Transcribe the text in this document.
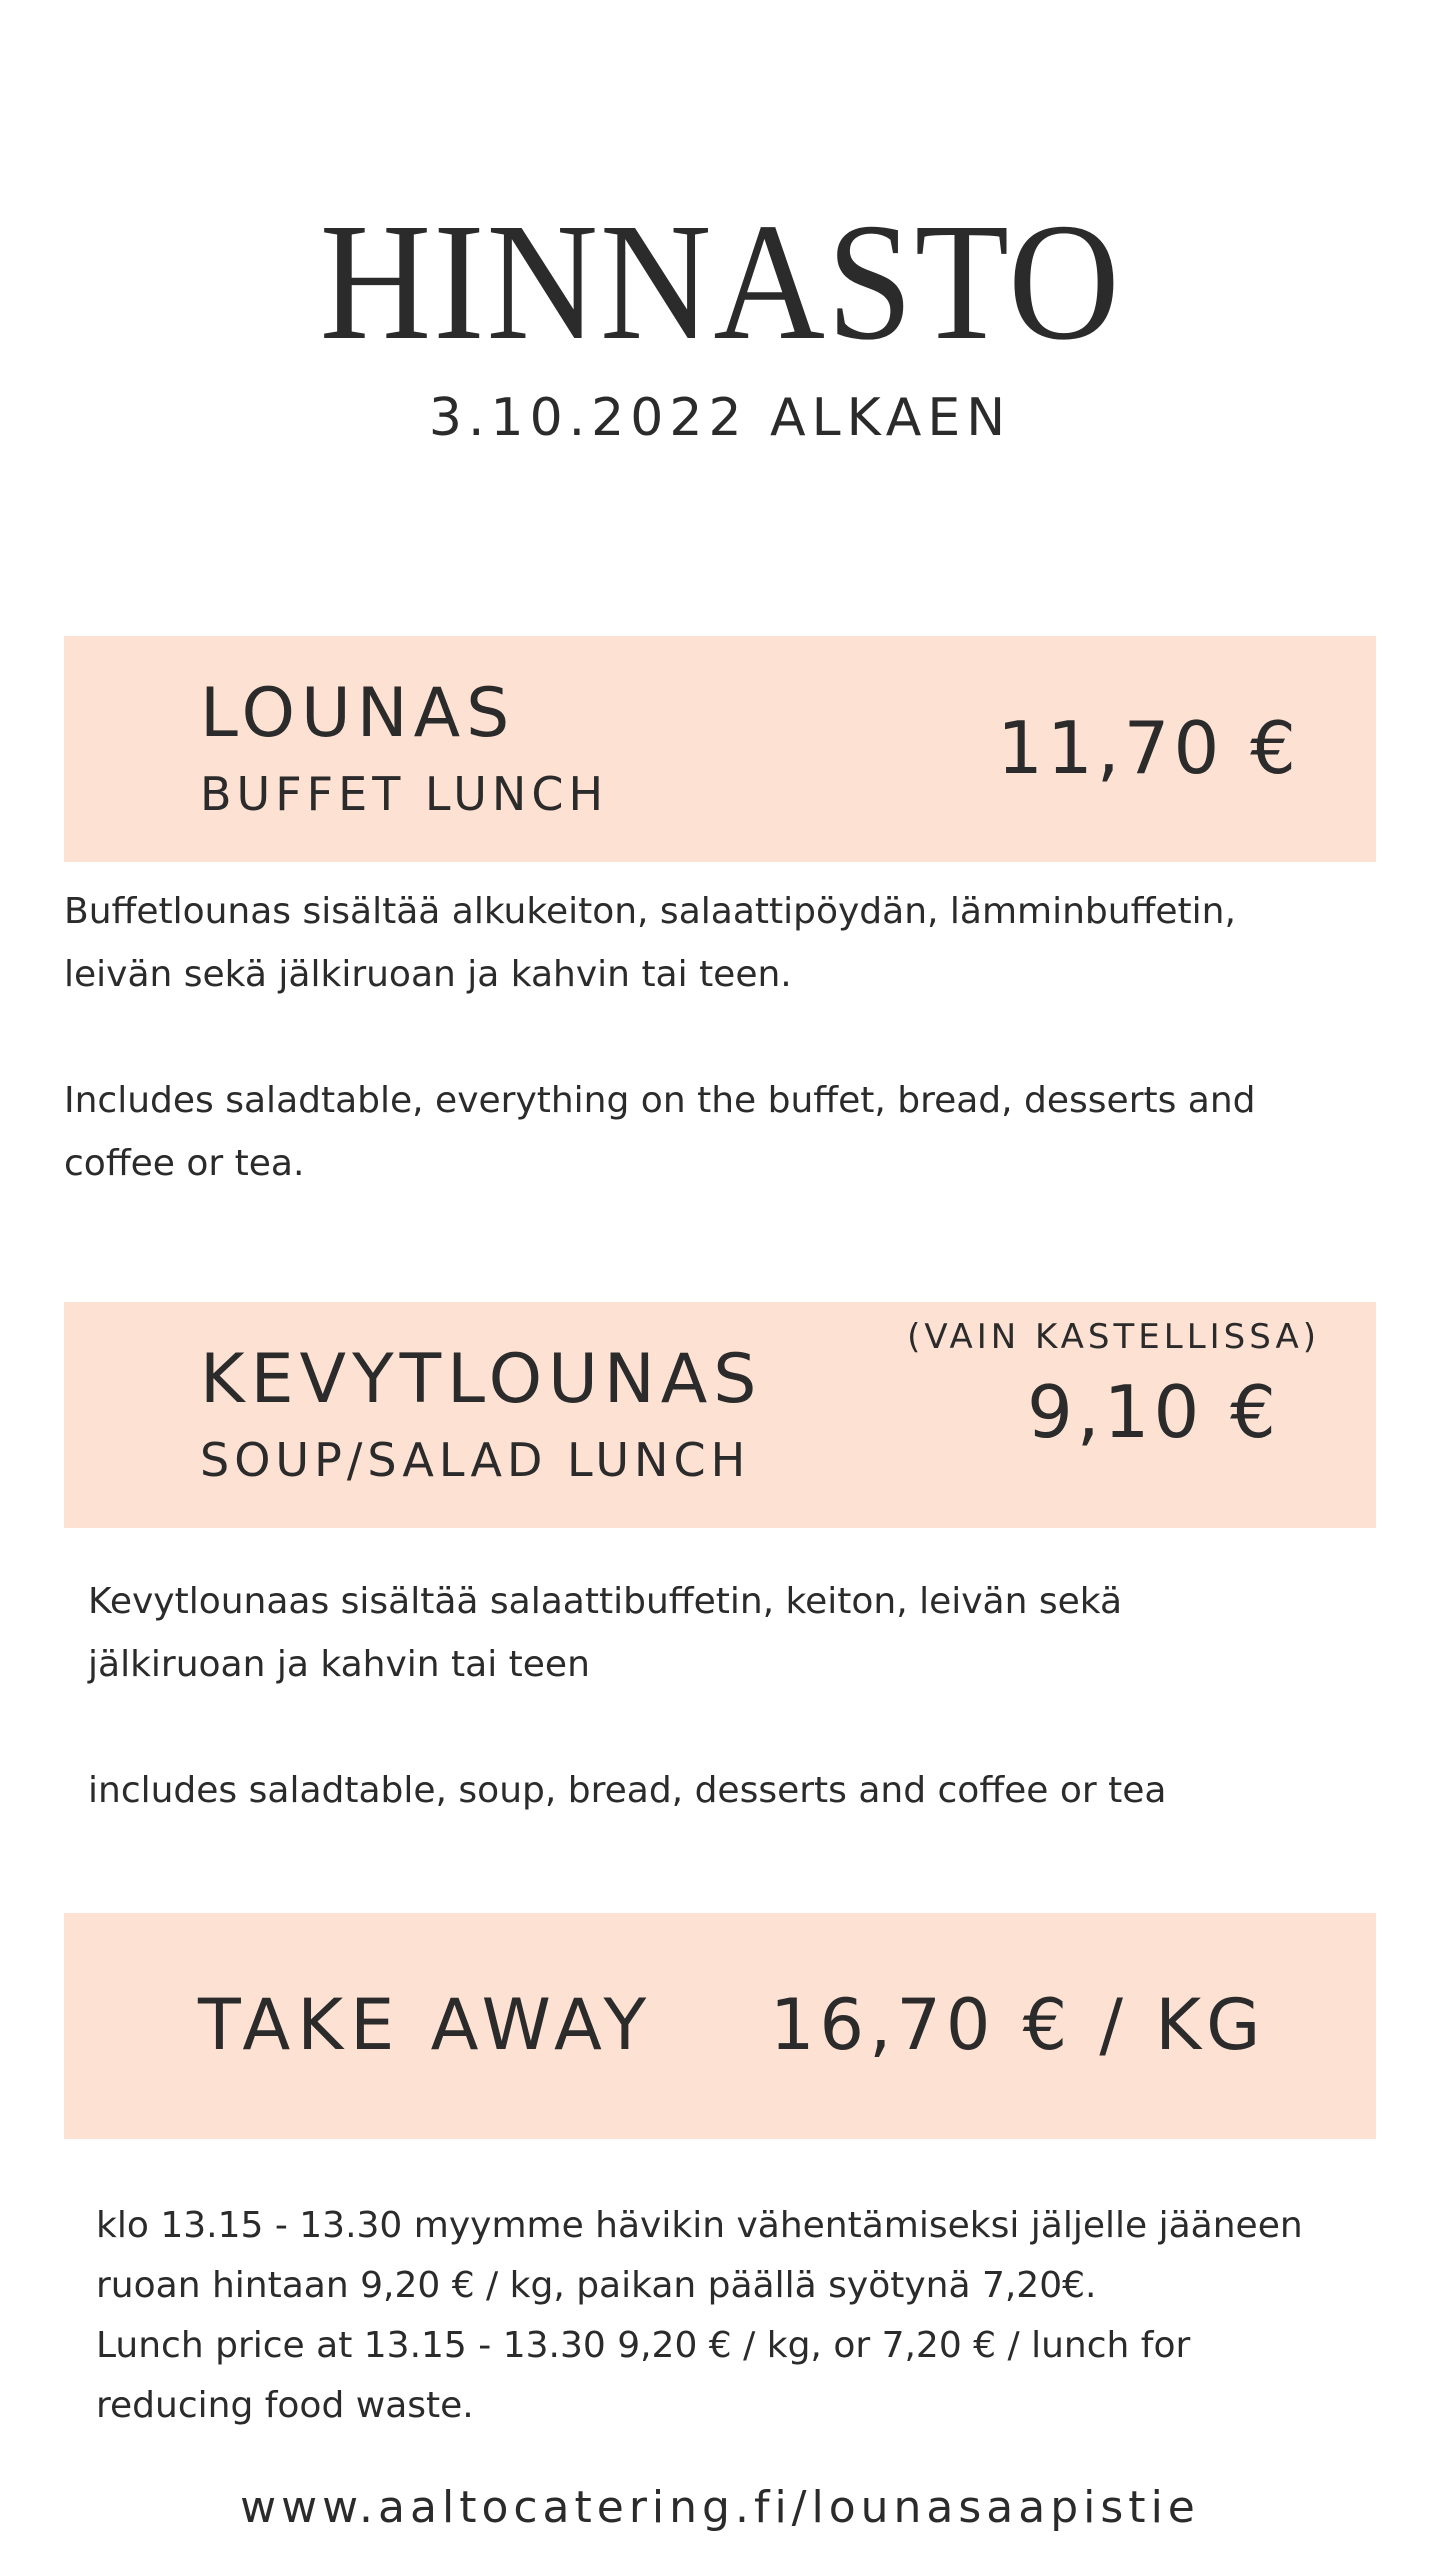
HINNASTO
3.10.2022 ALKAEN
LOUNAS
BUFFET LUNCH
11,70 €

Buffetlounas sisältää alkukeiton, salaattipöydän, lämminbuffetin,

leivän sekä jälkiruoan ja kahvin tai teen.

Includes saladtable, everything on the buffet, bread, desserts and

coffee or tea.

(VAIN KASTELLISSA)
KEVYTLOUNAS
SOUP/SALAD LUNCH
9,10 €

Kevytlounaas sisältää salaattibuffetin, keiton, leivän sekä

jälkiruoan ja kahvin tai teen

includes saladtable, soup, bread, desserts and coffee or tea

TAKE AWAY 16,70 € / KG

klo 13.15 - 13.30 myymme hävikin vähentämiseksi jäljelle jääneen

ruoan hintaan 9,20 € / kg, paikan päällä syötynä 7,20€.

Lunch price at 13.15 - 13.30 9,20 € / kg, or 7,20 € / lunch for

reducing food waste.

www.aaltocatering.fi/lounasaapistie
